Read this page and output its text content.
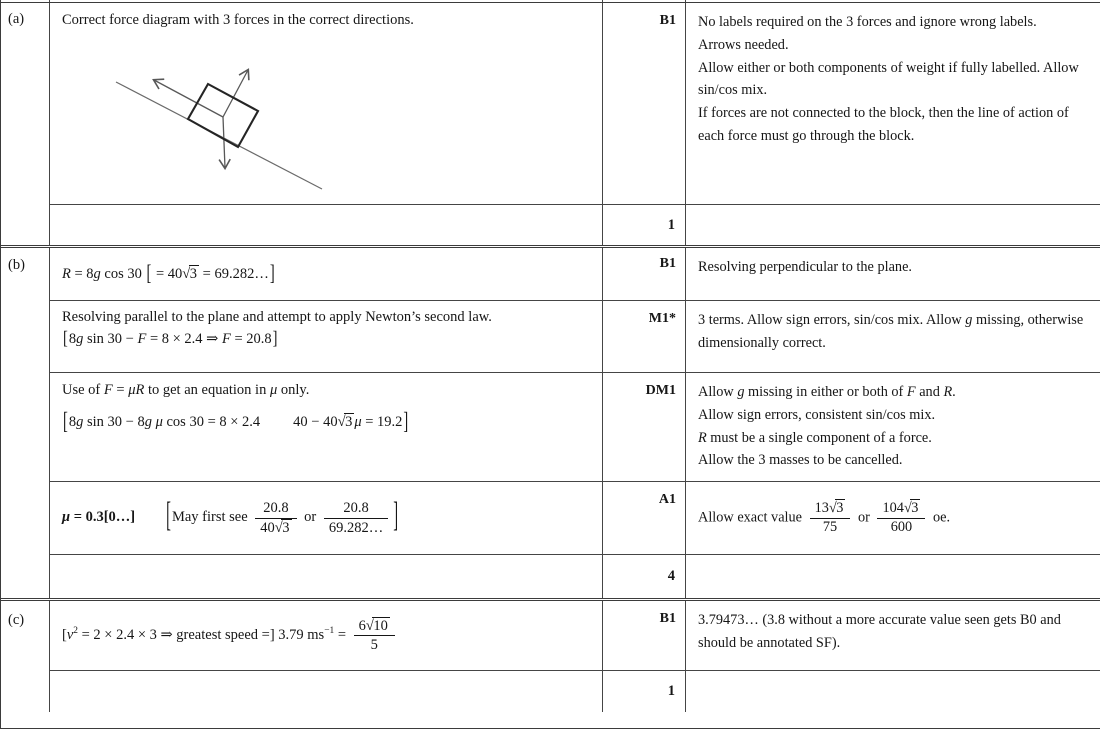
(a)	Correct force diagram with 3 forces in the correct directions.	B1	No labels required on the 3 forces and ignore wrong labels.
Arrows needed.
Allow either or both components of weight if fully labelled. Allow sin/cos mix.
If forces are not connected to the block, then the line of action of each force must go through the block.
1
(b)
R = 8g cos 30 [ = 40√3 = 69.282…]	B1	Resolving perpendicular to the plane.
Resolving parallel to the plane and attempt to apply Newton’s second law.
[8g sin 30 − F = 8 × 2.4 ⇒ F = 20.8]
M1*	3 terms. Allow sign errors, sin/cos mix. Allow g missing, otherwise dimensionally correct.
Use of F = μR to get an equation in μ only.
[8g sin 30 − 8g μ cos 30 = 8 × 2.4 40 − 40√3 μ = 19.2]
DM1	Allow g missing in either or both of F and R.
Allow sign errors, consistent sin/cos mix.
R must be a single component of a force.
Allow the 3 masses to be cancelled.
μ = 0.3[0…] [May first see $\frac{20.8}{40√3}$ or $\frac{20.8}{69.282\dots}$ ]	A1
Allow exact value $\frac{13√3}{75}$ or $\frac{104√3}{600}$ oe.
4
(c)
[$v^2 = 2 \times 2.4 \times 3$ ⇒ greatest speed =] 3.79 $ms^{-1} = \frac{6√10}{5}$	B1	3.79473… (3.8 without a more accurate value seen gets B0 and should be annotated SF).
1
